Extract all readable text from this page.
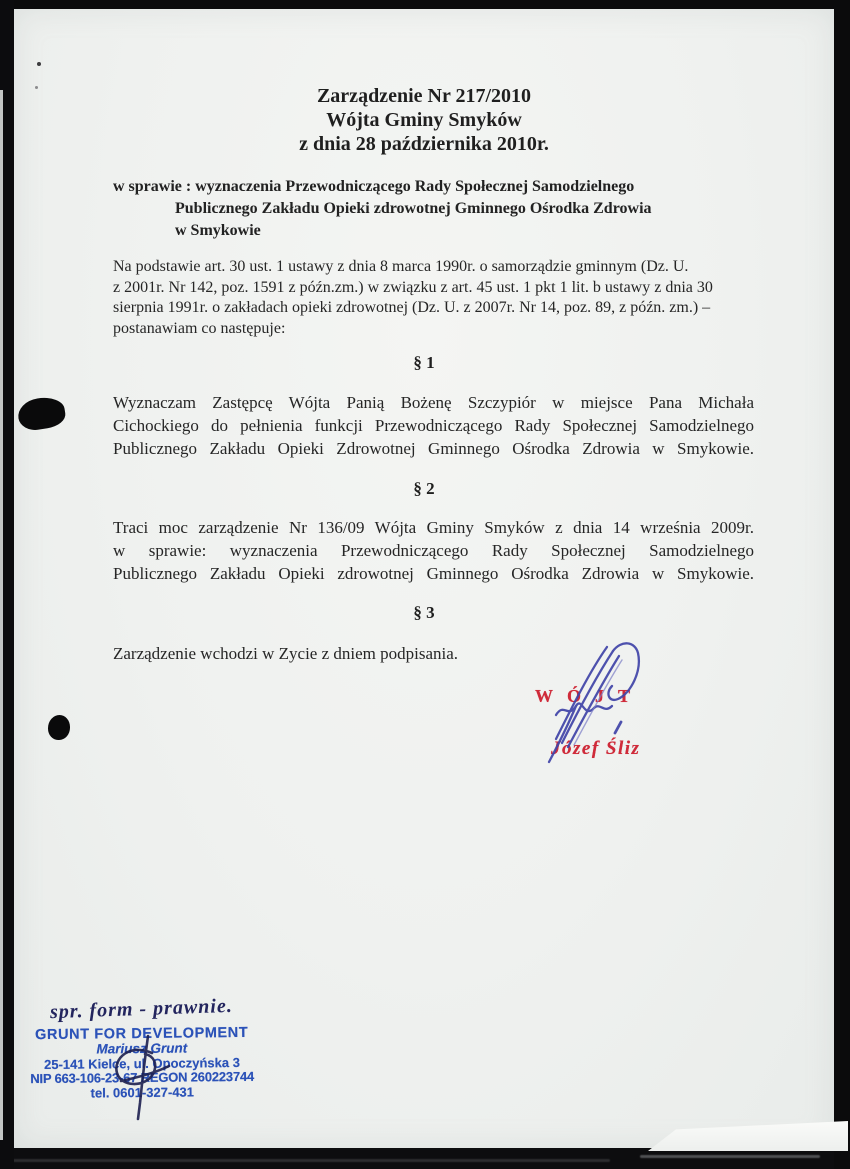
Zarządzenie Nr 217/2010
Wójta Gminy Smyków
z dnia 28 października 2010r.
w sprawie : wyznaczenia Przewodniczącego Rady Społecznej Samodzielnego
Publicznego Zakładu Opieki zdrowotnej Gminnego Ośrodka Zdrowia
w Smykowie
Na podstawie art. 30 ust. 1 ustawy z dnia 8 marca 1990r. o samorządzie gminnym (Dz. U.
z 2001r. Nr 142, poz. 1591 z późn.zm.) w związku z art. 45 ust. 1 pkt 1 lit. b ustawy z dnia 30
sierpnia 1991r. o zakładach opieki zdrowotnej (Dz. U. z 2007r. Nr 14, poz. 89, z późn. zm.) –
postanawiam co następuje:
§ 1
Wyznaczam Zastępcę Wójta Panią Bożenę Szczypiór w miejsce Pana Michała
Cichockiego do pełnienia funkcji Przewodniczącego Rady Społecznej Samodzielnego
Publicznego Zakładu Opieki Zdrowotnej Gminnego Ośrodka Zdrowia w Smykowie.
§ 2
Traci moc zarządzenie Nr 136/09 Wójta Gminy Smyków z dnia 14 września 2009r.
w sprawie: wyznaczenia Przewodniczącego Rady Społecznej Samodzielnego
Publicznego Zakładu Opieki zdrowotnej Gminnego Ośrodka Zdrowia w Smykowie.
§ 3
Zarządzenie wchodzi w Zycie z dniem podpisania.
WÓJT
Józef Śliz
spr. form - prawnie.
GRUNT FOR DEVELOPMENT
Mariusz Grunt
25-141 Kielce, ul. Opoczyńska 3
NIP 663-106-23-67 REGON 260223744
tel. 0601-327-431
